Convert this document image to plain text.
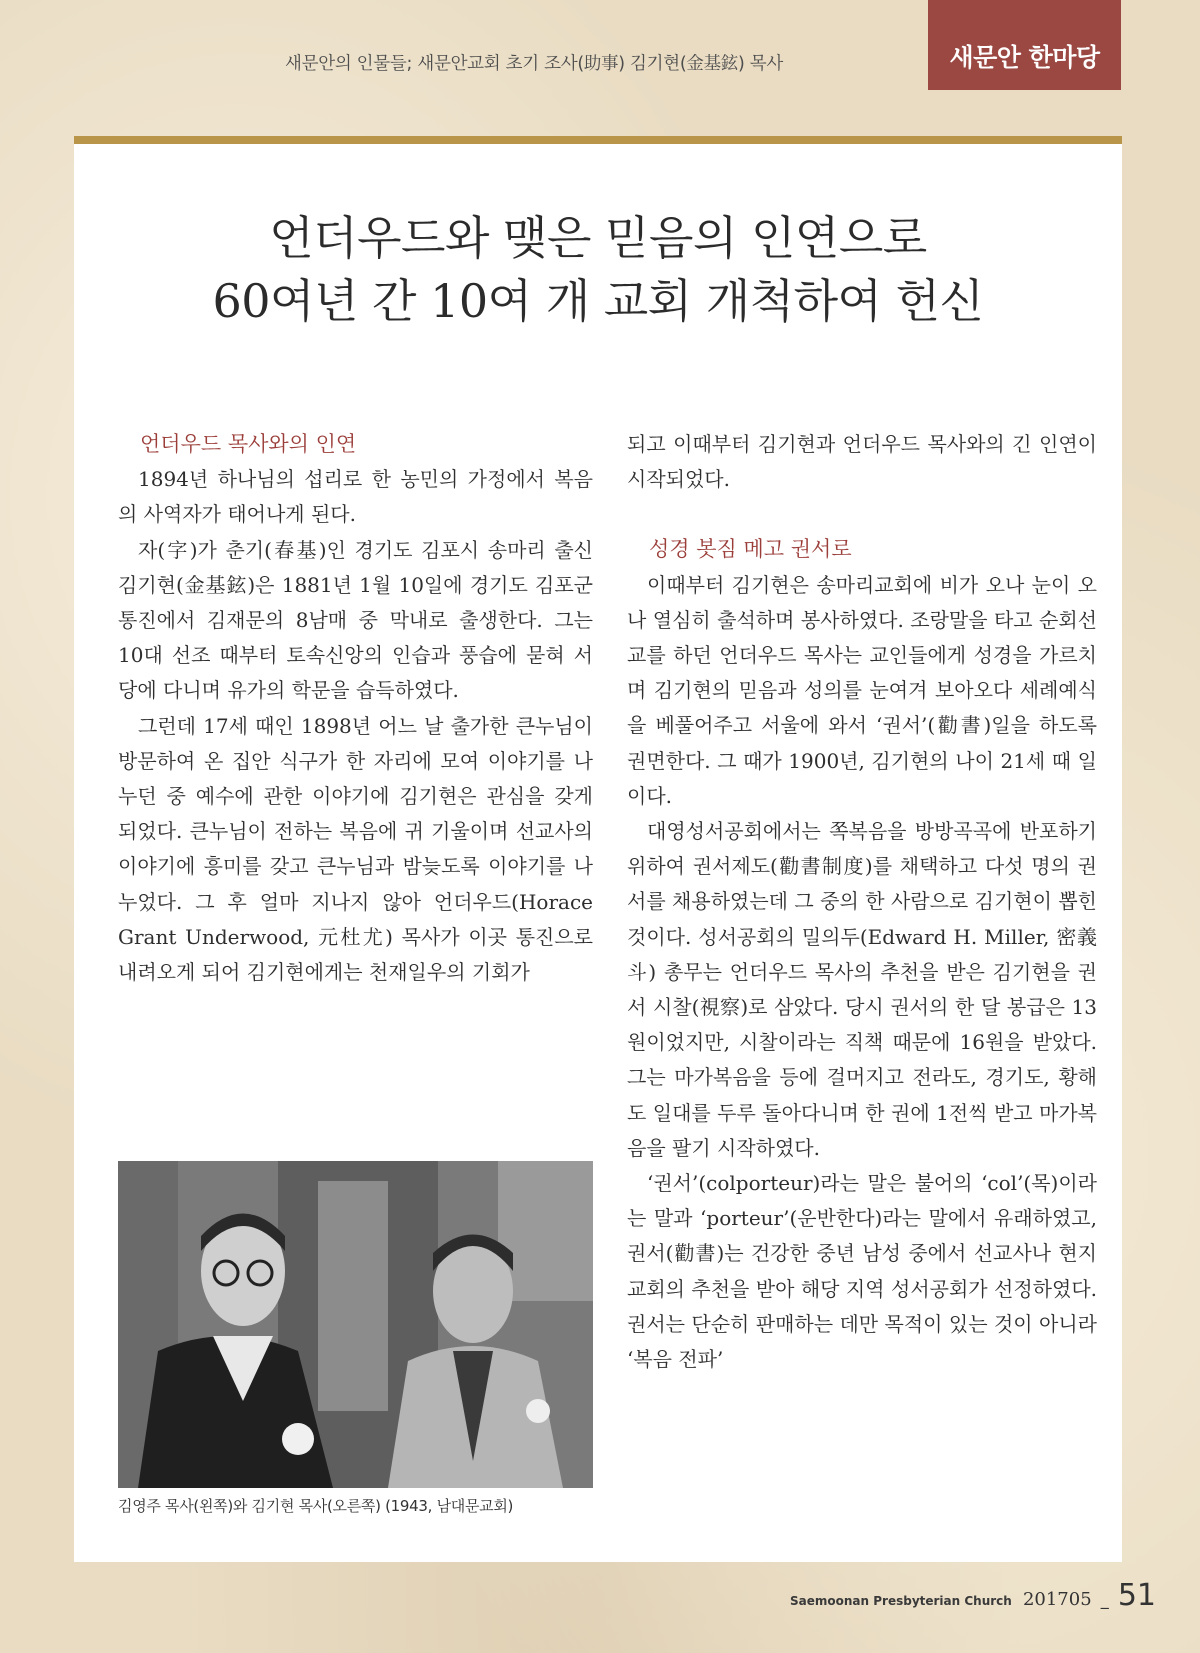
새문안의 인물들; 새문안교회 초기 조사(助事) 김기현(金基鉉) 목사	새문안 한마당
언더우드와 맺은 믿음의 인연으로
60여년 간 10여 개 교회 개척하여 헌신
언더우드 목사와의 인연

1894년 하나님의 섭리로 한 농민의 가정에서 복음의 사역자가 태어나게 된다.

자(字)가 춘기(春基)인 경기도 김포시 송마리 출신 김기현(金基鉉)은 1881년 1월 10일에 경기도 김포군 통진에서 김재문의 8남매 중 막내로 출생한다. 그는 10대 선조 때부터 토속신앙의 인습과 풍습에 묻혀 서당에 다니며 유가의 학문을 습득하였다.

그런데 17세 때인 1898년 어느 날 출가한 큰누님이 방문하여 온 집안 식구가 한 자리에 모여 이야기를 나누던 중 예수에 관한 이야기에 김기현은 관심을 갖게 되었다. 큰누님이 전하는 복음에 귀 기울이며 선교사의 이야기에 흥미를 갖고 큰누님과 밤늦도록 이야기를 나누었다. 그 후 얼마 지나지 않아 언더우드(Horace Grant Underwood, 元杜尤) 목사가 이곳 통진으로 내려오게 되어 김기현에게는 천재일우의 기회가

김영주 목사(왼쪽)와 김기현 목사(오른쪽) (1943, 남대문교회)

되고 이때부터 김기현과 언더우드 목사와의 긴 인연이 시작되었다.

성경 봇짐 메고 권서로

이때부터 김기현은 송마리교회에 비가 오나 눈이 오나 열심히 출석하며 봉사하였다. 조랑말을 타고 순회선교를 하던 언더우드 목사는 교인들에게 성경을 가르치며 김기현의 믿음과 성의를 눈여겨 보아오다 세례예식을 베풀어주고 서울에 와서 ‘권서’(勸書)일을 하도록 권면한다. 그 때가 1900년, 김기현의 나이 21세 때 일이다.

대영성서공회에서는 쪽복음을 방방곡곡에 반포하기 위하여 권서제도(勸書制度)를 채택하고 다섯 명의 권서를 채용하였는데 그 중의 한 사람으로 김기현이 뽑힌 것이다. 성서공회의 밀의두(Edward H. Miller, 密義斗) 총무는 언더우드 목사의 추천을 받은 김기현을 권서 시찰(視察)로 삼았다. 당시 권서의 한 달 봉급은 13원이었지만, 시찰이라는 직책 때문에 16원을 받았다. 그는 마가복음을 등에 걸머지고 전라도, 경기도, 황해도 일대를 두루 돌아다니며 한 권에 1전씩 받고 마가복음을 팔기 시작하였다.

‘권서’(colporteur)라는 말은 불어의 ‘col’(목)이라는 말과 ‘porteur’(운반한다)라는 말에서 유래하였고, 권서(勸書)는 건강한 중년 남성 중에서 선교사나 현지 교회의 추천을 받아 해당 지역 성서공회가 선정하였다. 권서는 단순히 판매하는 데만 목적이 있는 것이 아니라 ‘복음 전파’

Saemoonan Presbyterian Church 201705 _ 51
